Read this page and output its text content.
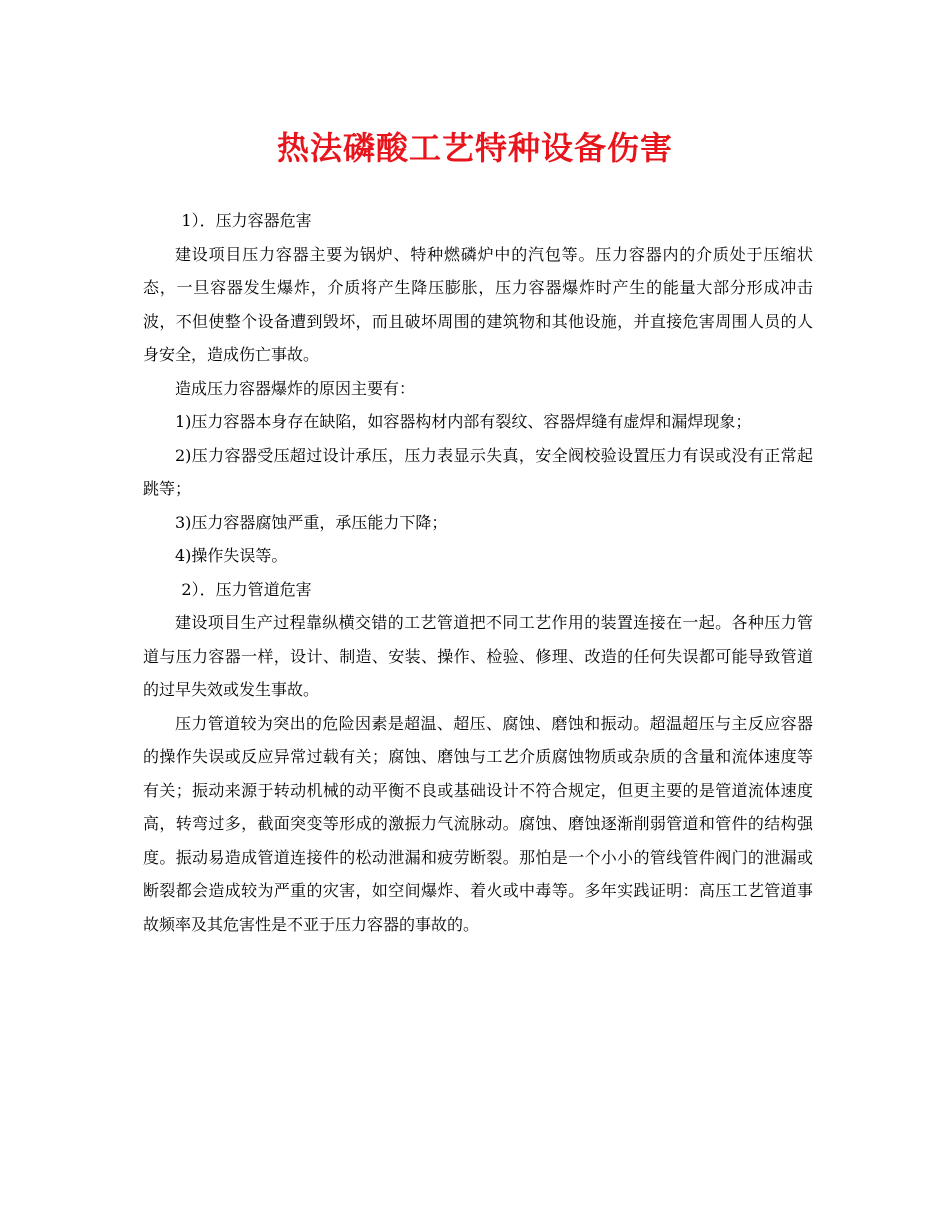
热法磷酸工艺特种设备伤害

1）．压力容器危害

建设项目压力容器主要为锅炉、特种燃磷炉中的汽包等。压力容器内的介质处于压缩状态，一旦容器发生爆炸，介质将产生降压膨胀，压力容器爆炸时产生的能量大部分形成冲击波，不但使整个设备遭到毁坏，而且破坏周围的建筑物和其他设施，并直接危害周围人员的人身安全，造成伤亡事故。

造成压力容器爆炸的原因主要有：

1)压力容器本身存在缺陷，如容器构材内部有裂纹、容器焊缝有虚焊和漏焊现象；

2)压力容器受压超过设计承压，压力表显示失真，安全阀校验设置压力有误或没有正常起跳等；

3)压力容器腐蚀严重，承压能力下降；

4)操作失误等。

2）．压力管道危害

建设项目生产过程靠纵横交错的工艺管道把不同工艺作用的装置连接在一起。各种压力管道与压力容器一样，设计、制造、安装、操作、检验、修理、改造的任何失误都可能导致管道的过早失效或发生事故。

压力管道较为突出的危险因素是超温、超压、腐蚀、磨蚀和振动。超温超压与主反应容器的操作失误或反应异常过载有关；腐蚀、磨蚀与工艺介质腐蚀物质或杂质的含量和流体速度等有关；振动来源于转动机械的动平衡不良或基础设计不符合规定，但更主要的是管道流体速度高，转弯过多，截面突变等形成的激振力气流脉动。腐蚀、磨蚀逐渐削弱管道和管件的结构强度。振动易造成管道连接件的松动泄漏和疲劳断裂。那怕是一个小小的管线管件阀门的泄漏或断裂都会造成较为严重的灾害，如空间爆炸、着火或中毒等。多年实践证明：高压工艺管道事故频率及其危害性是不亚于压力容器的事故的。
